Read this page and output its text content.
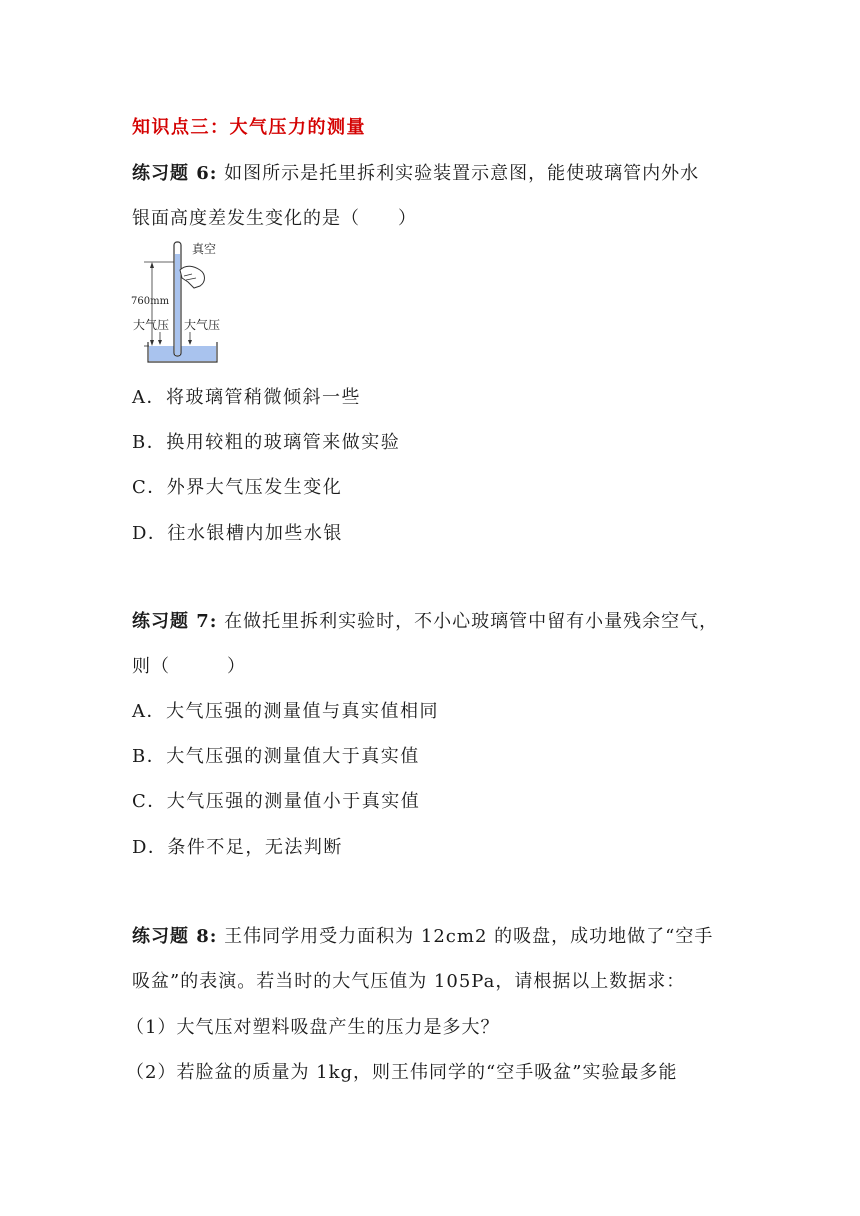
知识点三：大气压力的测量
练习题 6: 如图所示是托里拆利实验装置示意图，能使玻璃管内外水
银面高度差发生变化的是（　　）
真空
760mm
大气压 大气压
A．将玻璃管稍微倾斜一些
B．换用较粗的玻璃管来做实验
C．外界大气压发生变化
D．往水银槽内加些水银
练习题 7: 在做托里拆利实验时，不小心玻璃管中留有小量残余空气，
则（　　　）
A．大气压强的测量值与真实值相同
B．大气压强的测量值大于真实值
C．大气压强的测量值小于真实值
D．条件不足，无法判断
练习题 8: 王伟同学用受力面积为 12cm2 的吸盘，成功地做了“空手
吸盆”的表演。若当时的大气压值为 105Pa，请根据以上数据求：
（1）大气压对塑料吸盘产生的压力是多大？
（2）若脸盆的质量为 1kg，则王伟同学的“空手吸盆”实验最多能
